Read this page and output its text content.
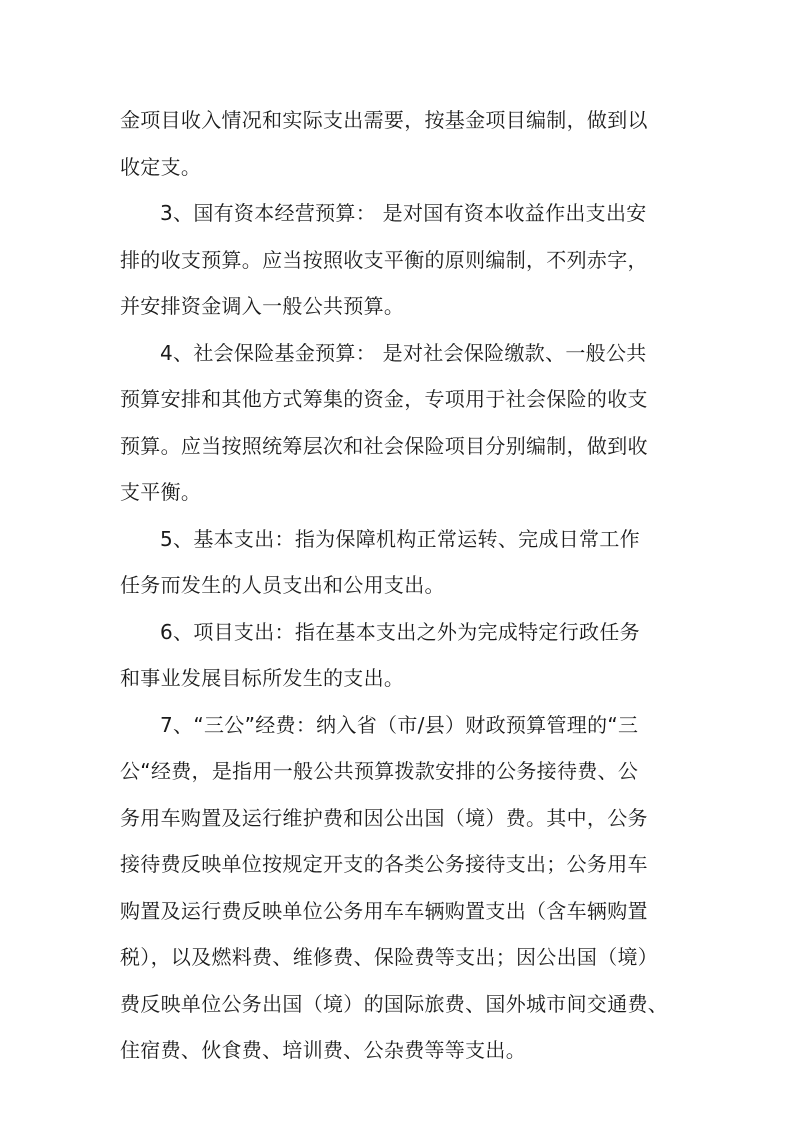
金项目收入情况和实际支出需要，按基金项目编制，做到以
收定支。
3、国有资本经营预算： 是对国有资本收益作出支出安
排的收支预算。应当按照收支平衡的原则编制，不列赤字，
并安排资金调入一般公共预算。
4、社会保险基金预算： 是对社会保险缴款、一般公共
预算安排和其他方式筹集的资金，专项用于社会保险的收支
预算。应当按照统筹层次和社会保险项目分别编制，做到收
支平衡。
5、基本支出：指为保障机构正常运转、完成日常工作
任务而发生的人员支出和公用支出。
6、项目支出：指在基本支出之外为完成特定行政任务
和事业发展目标所发生的支出。
7、“三公”经费：纳入省（市/县）财政预算管理的“三
公“经费，是指用一般公共预算拨款安排的公务接待费、公
务用车购置及运行维护费和因公出国（境）费。其中，公务
接待费反映单位按规定开支的各类公务接待支出；公务用车
购置及运行费反映单位公务用车车辆购置支出（含车辆购置
税），以及燃料费、维修费、保险费等支出；因公出国（境）
费反映单位公务出国（境）的国际旅费、国外城市间交通费、
住宿费、伙食费、培训费、公杂费等等支出。
